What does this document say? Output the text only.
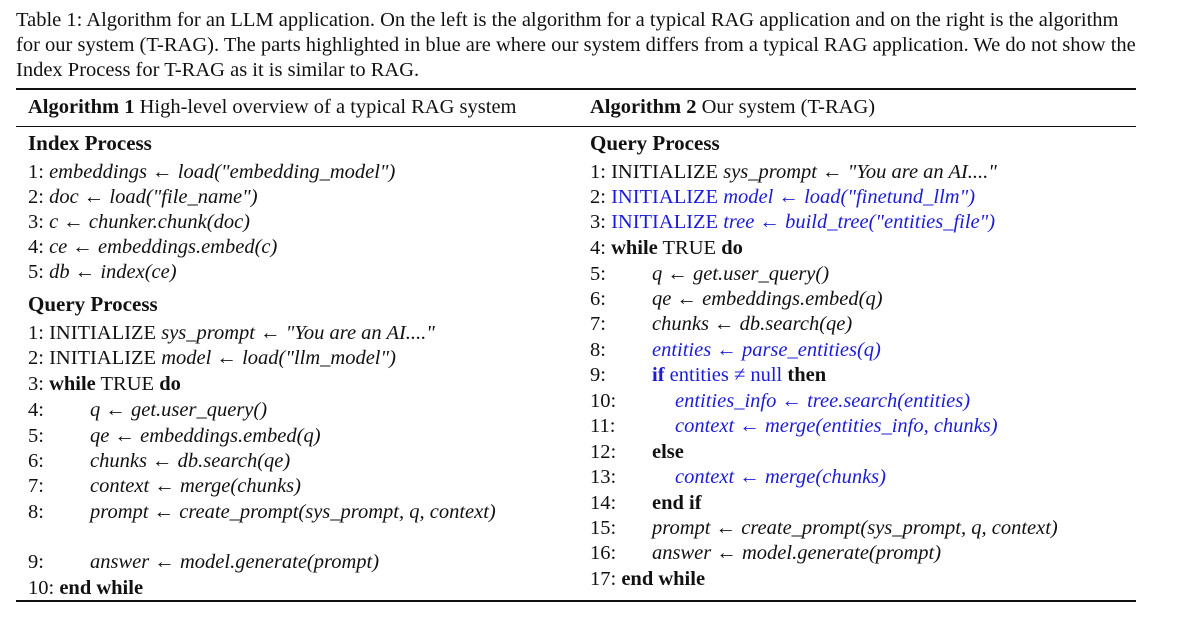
Table 1: Algorithm for an LLM application. On the left is the algorithm for a typical RAG application and on the right is the algorithm for our system (T-RAG). The parts highlighted in blue are where our system differs from a typical RAG application. We do not show the Index Process for T-RAG as it is similar to RAG.
Algorithm 1 High-level overview of a typical RAG system
Index Process
1: embeddings ← load("embedding_model")
2: doc ← load("file_name")
3: c ← chunker.chunk(doc)
4: ce ← embeddings.embed(c)
5: db ← index(ce)
Query Process
1: INITIALIZE sys_prompt ← "You are an AI...."
2: INITIALIZE model ← load("llm_model")
3: while TRUE do
4: q ← get.user_query()
5: qe ← embeddings.embed(q)
6: chunks ← db.search(qe)
7: context ← merge(chunks)
8: prompt ← create_prompt(sys_prompt, q, context)
9: answer ← model.generate(prompt)
10: end while
Algorithm 2 Our system (T-RAG)
Query Process
1: INITIALIZE sys_prompt ← "You are an AI...."
2: INITIALIZE model ← load("finetund_llm")
3: INITIALIZE tree ← build_tree("entities_file")
4: while TRUE do
5: q ← get.user_query()
6: qe ← embeddings.embed(q)
7: chunks ← db.search(qe)
8: entities ← parse_entities(q)
9: if entities ≠ null then
10:	entities_info ← tree.search(entities)
11:	context ← merge(entities_info, chunks)
12: else
13:	context ← merge(chunks)
14: end if
15: prompt ← create_prompt(sys_prompt, q, context)
16: answer ← model.generate(prompt)
17: end while
